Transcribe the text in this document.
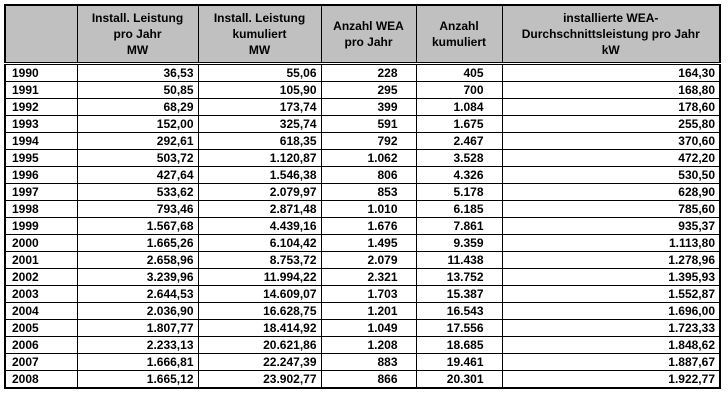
	Install. Leistung
pro Jahr
MW	Install. Leistung
kumuliert
MW	Anzahl WEA
pro Jahr	Anzahl
kumuliert	installierte WEA-
Durchschnittsleistung pro Jahr
kW

1990	36,53	55,06	228	405	164,30
1991	50,85	105,90	295	700	168,80
1992	68,29	173,74	399	1.084	178,60
1993	152,00	325,74	591	1.675	255,80
1994	292,61	618,35	792	2.467	370,60
1995	503,72	1.120,87	1.062	3.528	472,20
1996	427,64	1.546,38	806	4.326	530,50
1997	533,62	2.079,97	853	5.178	628,90
1998	793,46	2.871,48	1.010	6.185	785,60
1999	1.567,68	4.439,16	1.676	7.861	935,37
2000	1.665,26	6.104,42	1.495	9.359	1.113,80
2001	2.658,96	8.753,72	2.079	11.438	1.278,96
2002	3.239,96	11.994,22	2.321	13.752	1.395,93
2003	2.644,53	14.609,07	1.703	15.387	1.552,87
2004	2.036,90	16.628,75	1.201	16.543	1.696,00
2005	1.807,77	18.414,92	1.049	17.556	1.723,33
2006	2.233,13	20.621,86	1.208	18.685	1.848,62
2007	1.666,81	22.247,39	883	19.461	1.887,67
2008	1.665,12	23.902,77	866	20.301	1.922,77
